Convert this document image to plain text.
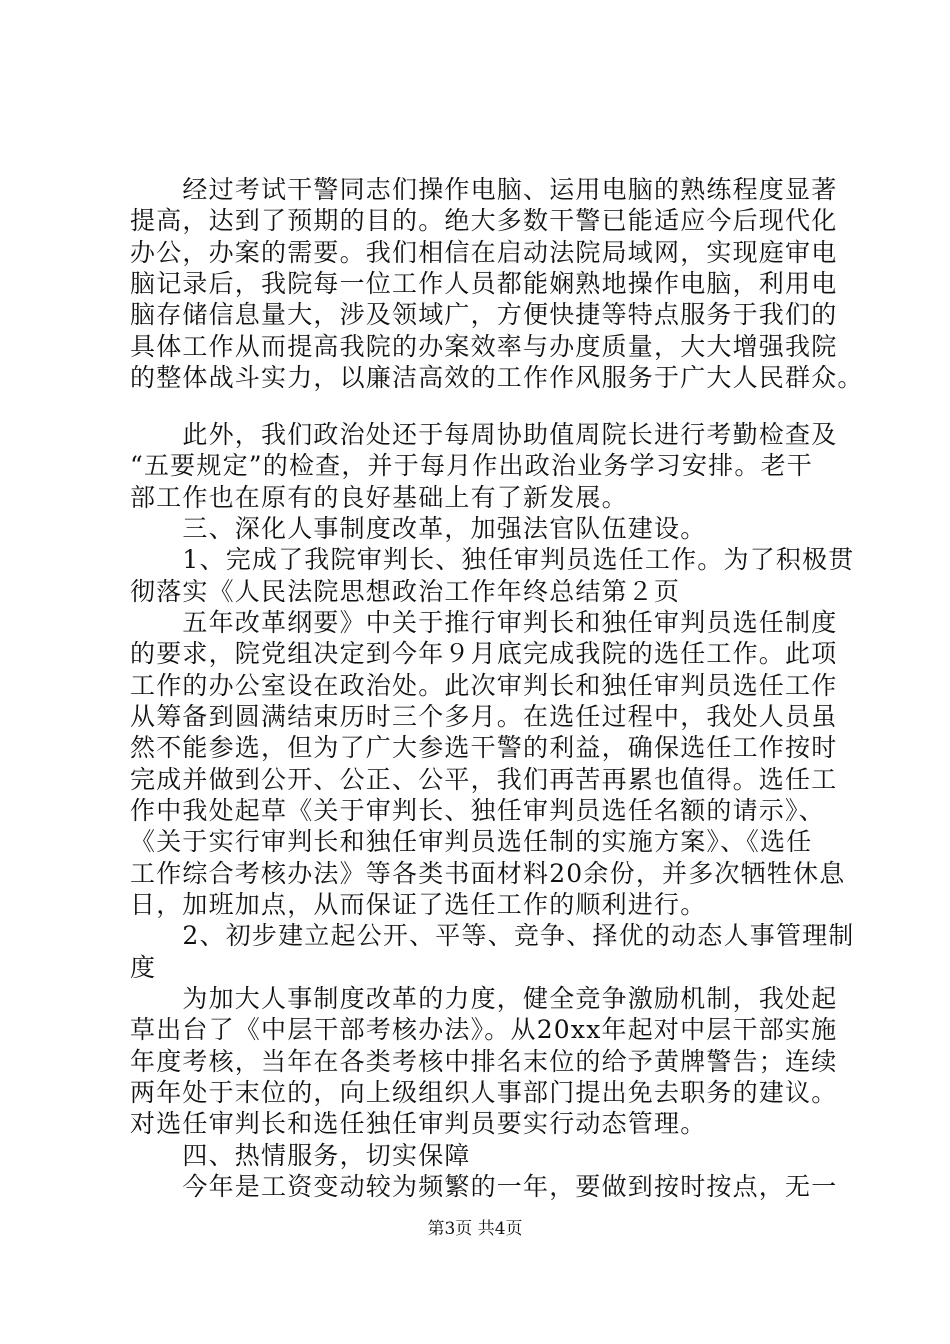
　　经过考试干警同志们操作电脑、运用电脑的熟练程度显著
提高，达到了预期的目的。绝大多数干警已能适应今后现代化
办公，办案的需要。我们相信在启动法院局域网，实现庭审电
脑记录后，我院每一位工作人员都能娴熟地操作电脑，利用电
脑存储信息量大，涉及领域广，方便快捷等特点服务于我们的
具体工作从而提高我院的办案效率与办度质量，大大增强我院
的整体战斗实力，以廉洁高效的工作作风服务于广大人民群众。
　　此外，我们政治处还于每周协助值周院长进行考勤检查及
“五要规定”的检查，并于每月作出政治业务学习安排。老干
部工作也在原有的良好基础上有了新发展。
　　三、深化人事制度改革，加强法官队伍建设。
　　1、完成了我院审判长、独任审判员选任工作。为了积极贯
彻落实《人民法院思想政治工作年终总结第２页
　　五年改革纲要》中关于推行审判长和独任审判员选任制度
的要求，院党组决定到今年９月底完成我院的选任工作。此项
工作的办公室设在政治处。此次审判长和独任审判员选任工作
从筹备到圆满结束历时三个多月。在选任过程中，我处人员虽
然不能参选，但为了广大参选干警的利益，确保选任工作按时
完成并做到公开、公正、公平，我们再苦再累也值得。选任工
作中我处起草《关于审判长、独任审判员选任名额的请示》、
《关于实行审判长和独任审判员选任制的实施方案》、《选任
工作综合考核办法》等各类书面材料20余份，并多次牺牲休息
日，加班加点，从而保证了选任工作的顺利进行。
　　2、初步建立起公开、平等、竞争、择优的动态人事管理制
度
　　为加大人事制度改革的力度，健全竞争激励机制，我处起
草出台了《中层干部考核办法》。从20xx年起对中层干部实施
年度考核，当年在各类考核中排名末位的给予黄牌警告；连续
两年处于末位的，向上级组织人事部门提出免去职务的建议。
对选任审判长和选任独任审判员要实行动态管理。
　　四、热情服务，切实保障
　　今年是工资变动较为频繁的一年，要做到按时按点，无一
第3页 共4页
